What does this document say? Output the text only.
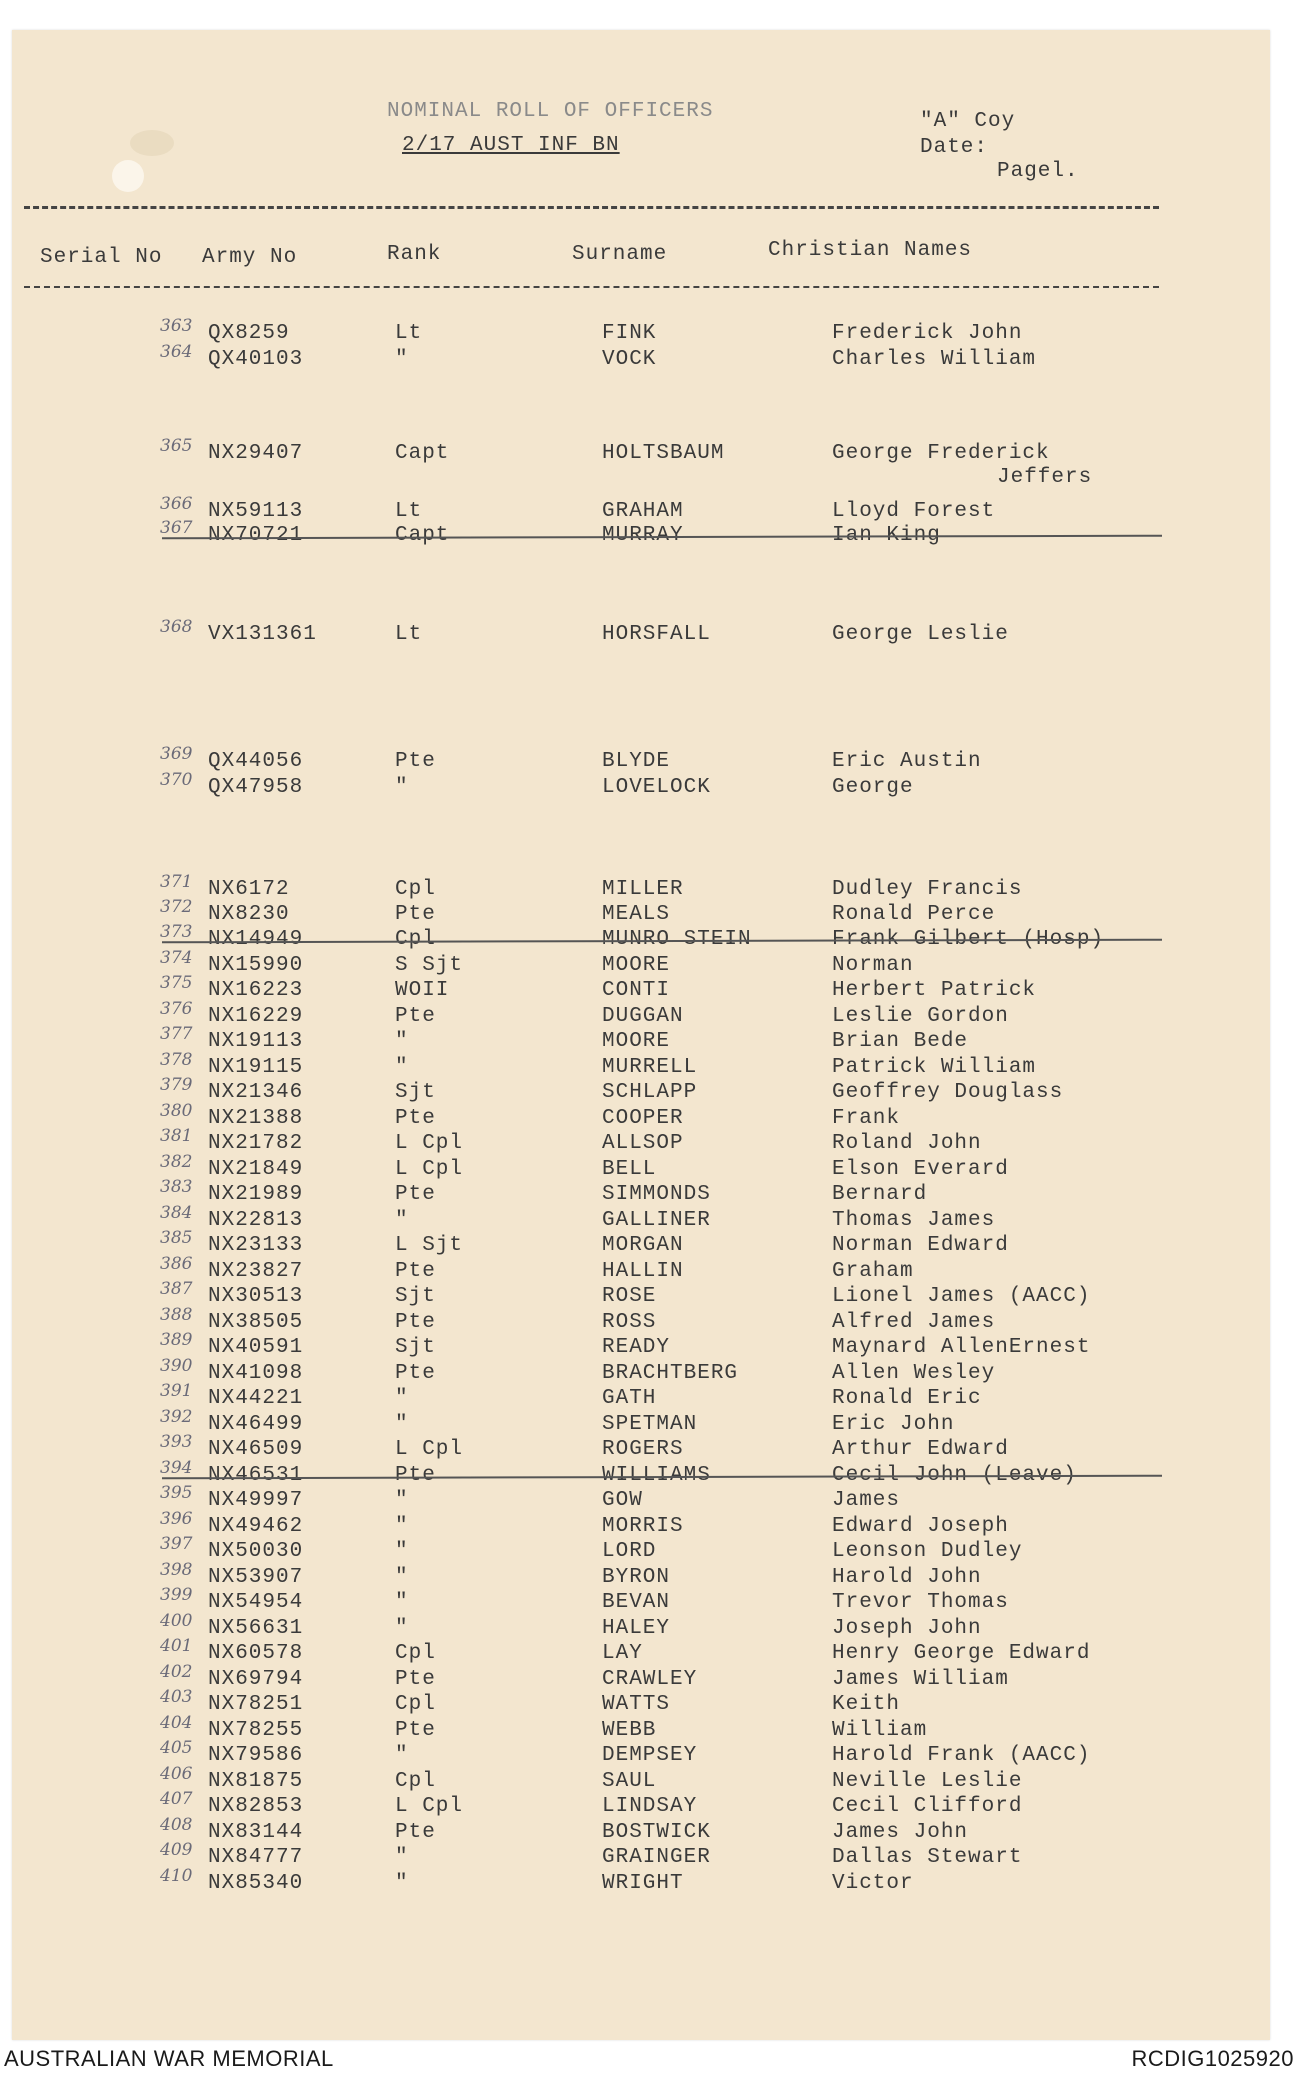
NOMINAL ROLL OF OFFICERS
2/17 AUST INF BN
"A" Coy
Date:
Pagel.
Serial No Army No	Rank	Surname	Christian Names
363 QX8259	Lt	FINK	Frederick John
364 QX40103	"	VOCK	Charles William
365 NX29407	Capt	HOLTSBAUM	George Frederick
Jeffers
366 NX59113	Lt	GRAHAM	Lloyd Forest
367 NX70721	Capt	MURRAY	Ian King
368 VX131361	Lt	HORSFALL	George Leslie
369 QX44056	Pte	BLYDE	Eric Austin
370 QX47958	"	LOVELOCK	George
371 NX6172	Cpl	MILLER	Dudley Francis
372 NX8230	Pte	MEALS	Ronald Perce
373 NX14949	Cpl	MUNRO STEIN	Frank Gilbert (Hosp)
374 NX15990	S Sjt	MOORE	Norman
375 NX16223	WOII	CONTI	Herbert Patrick
376 NX16229	Pte	DUGGAN	Leslie Gordon
377 NX19113	"	MOORE	Brian Bede
378 NX19115	"	MURRELL	Patrick William
379 NX21346	Sjt	SCHLAPP	Geoffrey Douglass
380 NX21388	Pte	COOPER	Frank
381 NX21782	L Cpl	ALLSOP	Roland John
382 NX21849	L Cpl	BELL	Elson Everard
383 NX21989	Pte	SIMMONDS	Bernard
384 NX22813	"	GALLINER	Thomas James
385 NX23133	L Sjt	MORGAN	Norman Edward
386 NX23827	Pte	HALLIN	Graham
387 NX30513	Sjt	ROSE	Lionel James (AACC)
388 NX38505	Pte	ROSS	Alfred James
389 NX40591	Sjt	READY	Maynard AllenErnest
390 NX41098	Pte	BRACHTBERG	Allen Wesley
391 NX44221	"	GATH	Ronald Eric
392 NX46499	"	SPETMAN	Eric John
393 NX46509	L Cpl	ROGERS	Arthur Edward
394 NX46531	Pte	WILLIAMS	Cecil John (Leave)
395 NX49997	"	GOW	James
396 NX49462	"	MORRIS	Edward Joseph
397 NX50030	"	LORD	Leonson Dudley
398 NX53907	"	BYRON	Harold John
399 NX54954	"	BEVAN	Trevor Thomas
400 NX56631	"	HALEY	Joseph John
401 NX60578	Cpl	LAY	Henry George Edward
402 NX69794	Pte	CRAWLEY	James William
403 NX78251	Cpl	WATTS	Keith
404 NX78255	Pte	WEBB	William
405 NX79586	"	DEMPSEY	Harold Frank (AACC)
406 NX81875	Cpl	SAUL	Neville Leslie
407 NX82853	L Cpl	LINDSAY	Cecil Clifford
408 NX83144	Pte	BOSTWICK	James John
409 NX84777	"	GRAINGER	Dallas Stewart
410 NX85340	"	WRIGHT	Victor
AUSTRALIAN WAR MEMORIAL	RCDIG1025920
